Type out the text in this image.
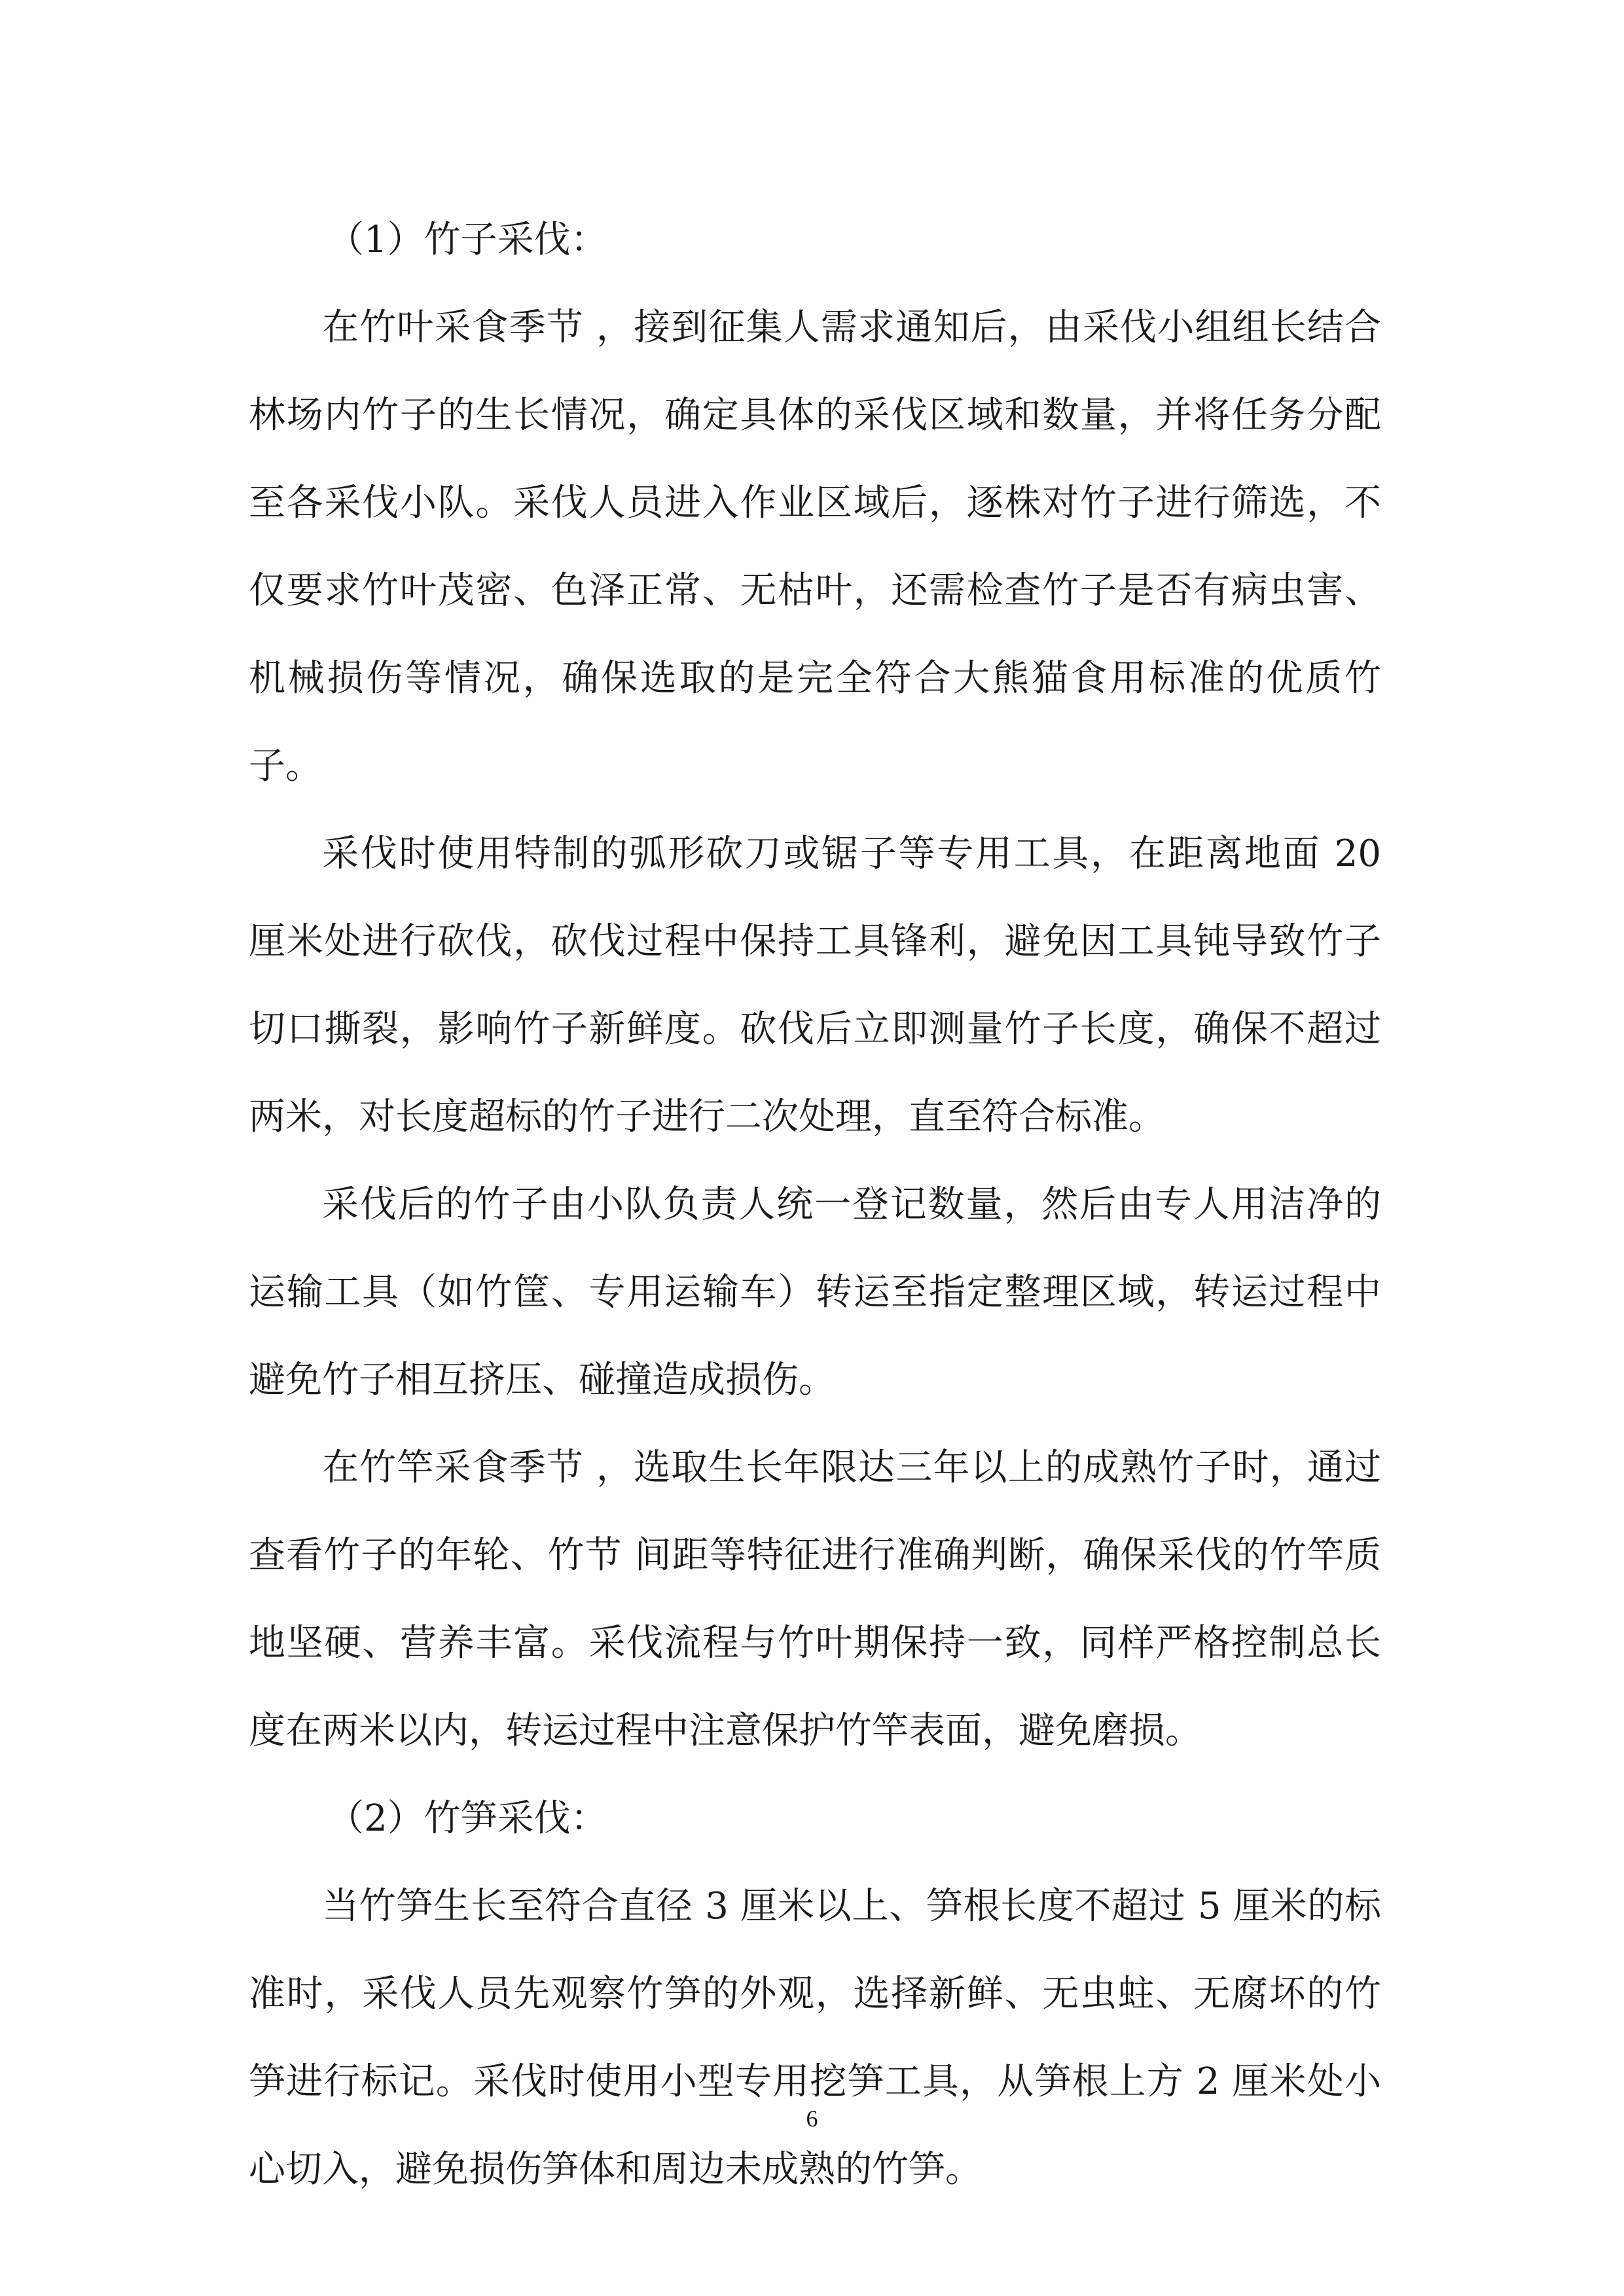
（1）竹子采伐：

在竹叶采食季节 ，接到征集人需求通知后，由采伐小组组长结合林场内竹子的生长情况，确定具体的采伐区域和数量，并将任务分配至各采伐小队。采伐人员进入作业区域后，逐株对竹子进行筛选，不仅要求竹叶茂密、色泽正常、无枯叶，还需检查竹子是否有病虫害、机械损伤等情况，确保选取的是完全符合大熊猫食用标准的优质竹子。

采伐时使用特制的弧形砍刀或锯子等专用工具，在距离地面 20 厘米处进行砍伐，砍伐过程中保持工具锋利，避免因工具钝导致竹子切口撕裂，影响竹子新鲜度。砍伐后立即测量竹子长度，确保不超过两米，对长度超标的竹子进行二次处理，直至符合标准。

采伐后的竹子由小队负责人统一登记数量，然后由专人用洁净的运输工具（如竹筐、专用运输车）转运至指定整理区域，转运过程中避免竹子相互挤压、碰撞造成损伤。

在竹竿采食季节 ，选取生长年限达三年以上的成熟竹子时，通过查看竹子的年轮、竹节 间距等特征进行准确判断，确保采伐的竹竿质地坚硬、营养丰富。采伐流程与竹叶期保持一致，同样严格控制总长度在两米以内，转运过程中注意保护竹竿表面，避免磨损。

（2）竹笋采伐：

当竹笋生长至符合直径 3 厘米以上、笋根长度不超过 5 厘米的标准时，采伐人员先观察竹笋的外观，选择新鲜、无虫蛀、无腐坏的竹笋进行标记。采伐时使用小型专用挖笋工具，从笋根上方 2 厘米处小心切入，避免损伤笋体和周边未成熟的竹笋。

6
